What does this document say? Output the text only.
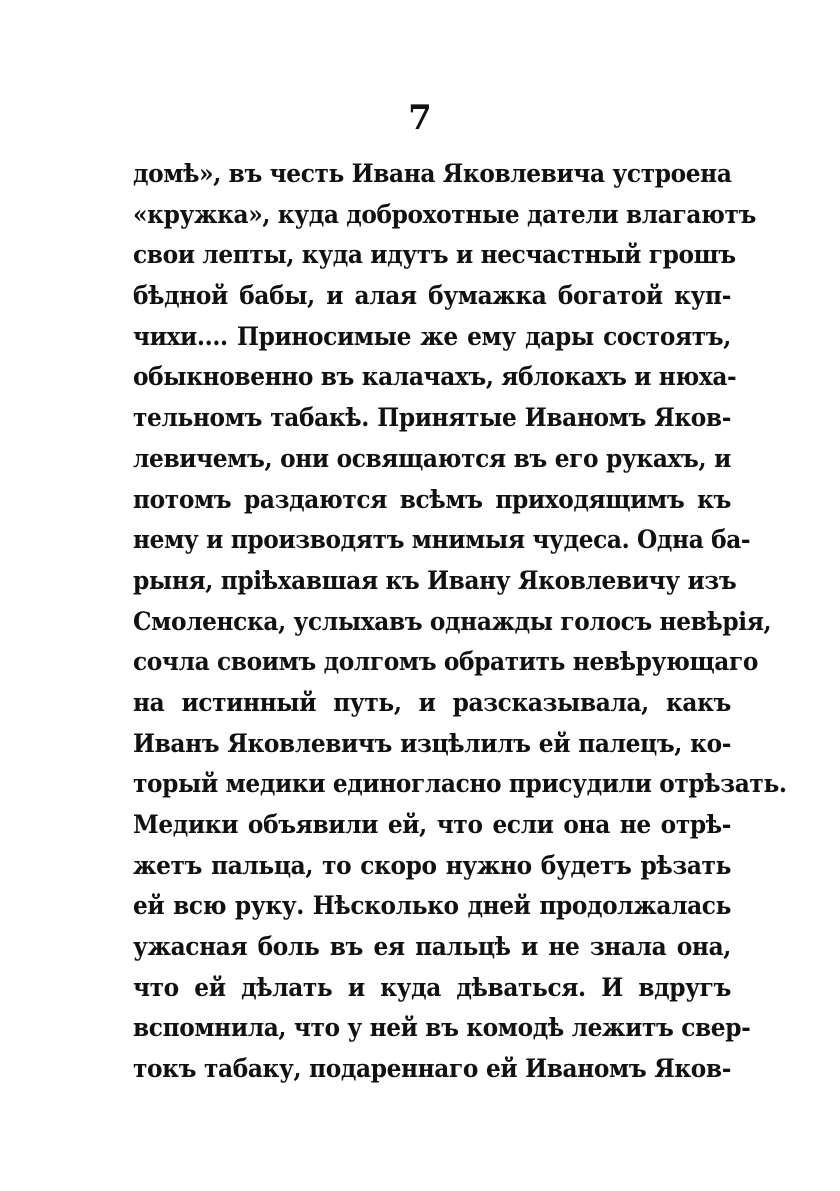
7
домѣ», въ честь Ивана Яковлевича устроена
«кружка», куда доброхотные датели влагаютъ
свои лепты, куда идутъ и несчастный грошъ
бѣдной бабы, и алая бумажка богатой куп-
чихи.... Приносимые же ему дары состоятъ,
обыкновенно въ калачахъ, яблокахъ и нюха-
тельномъ табакѣ. Принятые Иваномъ Яков-
левичемъ, они освящаются въ его рукахъ, и
потомъ раздаются всѣмъ приходящимъ къ
нему и производятъ мнимыя чудеса. Одна ба-
рыня, прiѣхавшая къ Ивану Яковлевичу изъ
Смоленска, услыхавъ однажды голосъ невѣрiя,
сочла своимъ долгомъ обратить невѣрующаго
на истинный путь, и разсказывала, какъ
Иванъ Яковлевичъ изцѣлилъ ей палецъ, ко-
торый медики единогласно присудили отрѣзать.
Медики объявили ей, что если она не отрѣ-
жетъ пальца, то скоро нужно будетъ рѣзать
ей всю руку. Нѣсколько дней продолжалась
ужасная боль въ ея пальцѣ и не знала она,
что ей дѣлать и куда дѣваться. И вдругъ
вспомнила, что у ней въ комодѣ лежитъ свер-
токъ табаку, подареннаго ей Иваномъ Яков-
